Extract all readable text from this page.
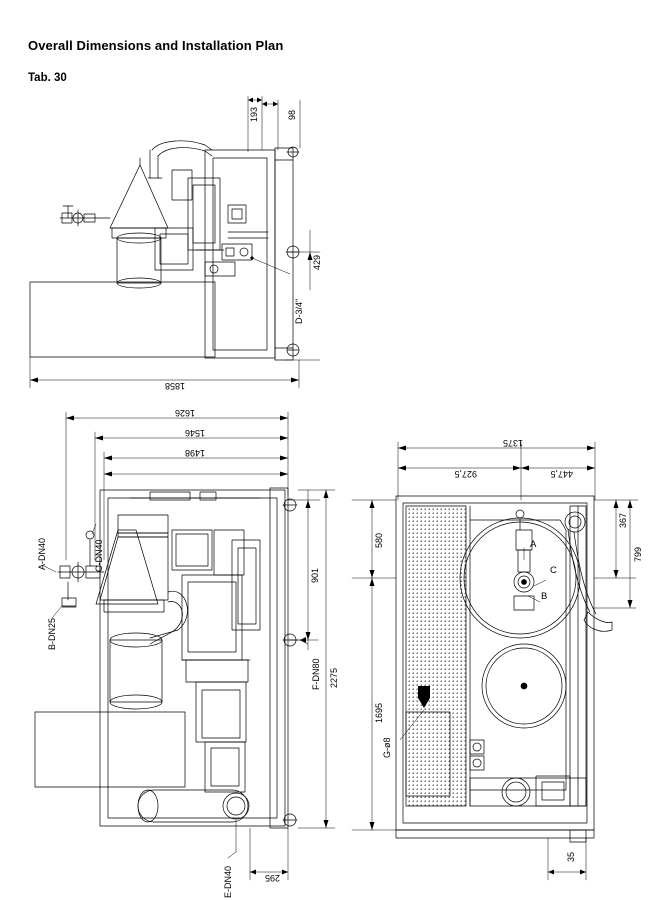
Overall Dimensions and Installation Plan
Tab. 30
193	98
429
1858
D-3/4"
1626
1546
1498
901
2275
295
A-DN40
B-DN25
C-DN40
E-DN40
F-DN80
1375
927,5	447,5
580
1695
367
799
35
G-ø8
A
B
C
